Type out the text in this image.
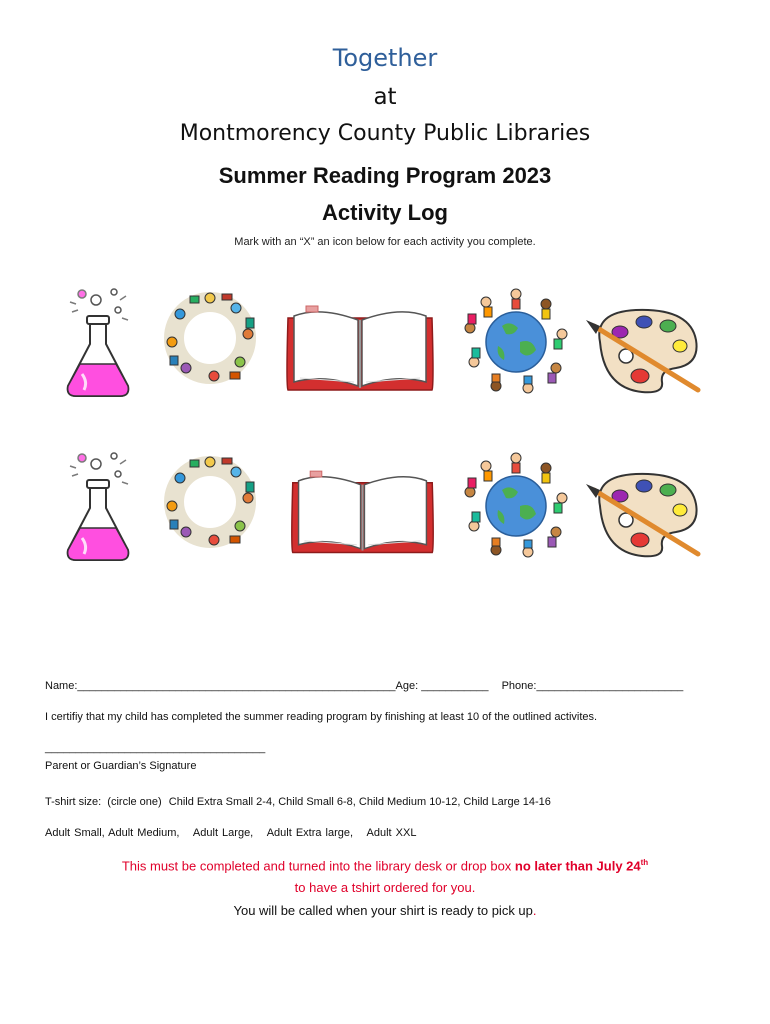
Together
at
Montmorency County Public Libraries
Summer Reading Program 2023
Activity Log
Mark with an “X” an icon below for each activity you complete.
Name:____________________________________________________Age: ___________ Phone:________________________
I certifiy that my child has completed the summer reading program by finishing at least 10 of the outlined activites.
____________________________________
Parent or Guardian’s Signature
T-shirt size: (circle one) Child Extra Small 2-4, Child Small 6-8, Child Medium 10-12, Child Large 14-16
Adult Small, Adult Medium, Adult Large, Adult Extra large, Adult XXL
This must be completed and turned into the library desk or drop box no later than July 24th
to have a tshirt ordered for you.
You will be called when your shirt is ready to pick up.
